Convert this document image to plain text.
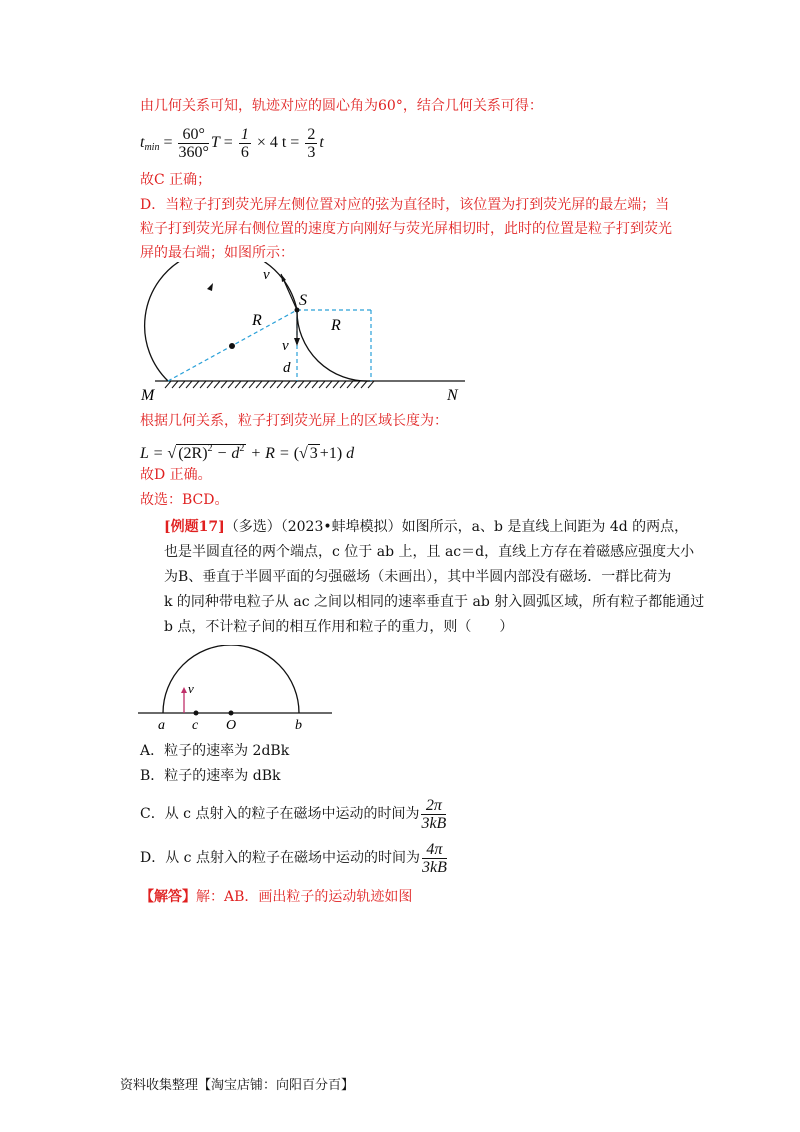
由几何关系可知，轨迹对应的圆心角为60°，结合几何关系可得：
$t_{min} = \frac{60^\circ}{360^\circ}$ $T = \frac{1}{6} \times 4$ $t = \frac{2}{3}$ t
故C 正确；
D．当粒子打到荧光屏左侧位置对应的弦为直径时，该位置为打到荧光屏的最左端；当
粒子打到荧光屏右侧位置的速度方向刚好与荧光屏相切时，此时的位置是粒子打到荧光
屏的最右端；如图所示：
v
S
R	R
v
d
M	N
根据几何关系，粒子打到荧光屏上的区域长度为：
L = √ $(2R)^2 - d^2 + R$ = (√ 3 +1) d
故D 正确。
故选：BCD。
[例题17]（多选）（2023•蚌埠模拟）如图所示，a、b 是直线上间距为 4d 的两点，
也是半圆直径的两个端点，c 位于 ab 上，且 ac＝d，直线上方存在着磁感应强度大小
为B、垂直于半圆平面的匀强磁场（未画出），其中半圆内部没有磁场．一群比荷为
k 的同种带电粒子从 ac 之间以相同的速率垂直于 ab 射入圆弧区域，所有粒子都能通过
b 点，不计粒子间的相互作用和粒子的重力，则（　　）
v
a c O	b
A．粒子的速率为 2dBk
B．粒子的速率为 dBk
C．从 c 点射入的粒子在磁场中运动的时间为 $\frac{2\pi}{3kB}$
D．从 c 点射入的粒子在磁场中运动的时间为 $\frac{4\pi}{3kB}$
【解答】解：AB．画出粒子的运动轨迹如图
资料收集整理【淘宝店铺：向阳百分百】
